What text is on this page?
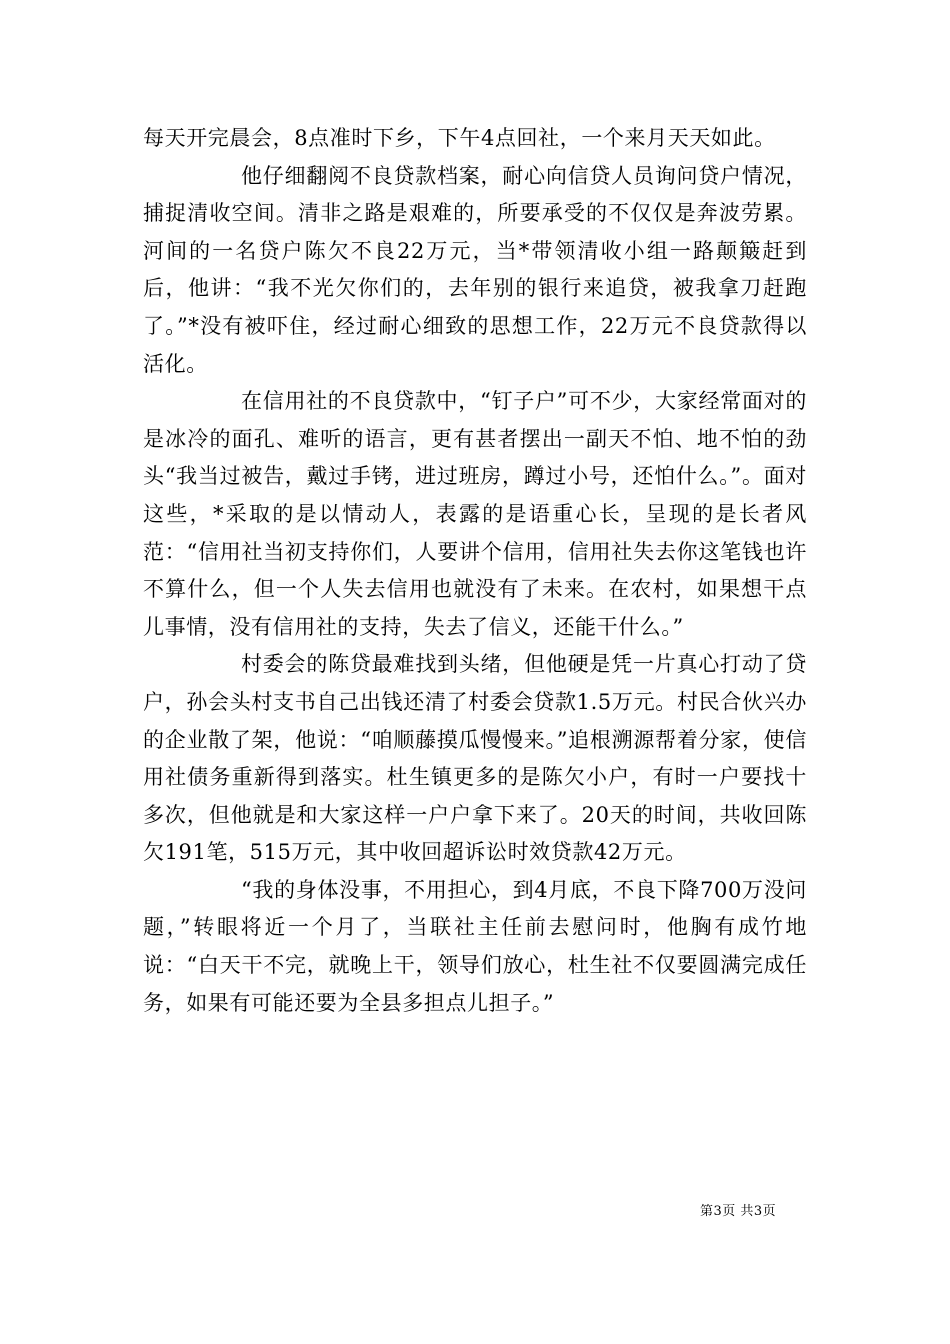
每天开完晨会，8点准时下乡，下午4点回社，一个来月天天如此。

他仔细翻阅不良贷款档案，耐心向信贷人员询问贷户情况，捕捉清收空间。清非之路是艰难的，所要承受的不仅仅是奔波劳累。河间的一名贷户陈欠不良22万元，当*带领清收小组一路颠簸赶到后，他讲：“我不光欠你们的，去年别的银行来追贷，被我拿刀赶跑了。”*没有被吓住，经过耐心细致的思想工作，22万元不良贷款得以活化。

在信用社的不良贷款中，“钉子户”可不少，大家经常面对的是冰冷的面孔、难听的语言，更有甚者摆出一副天不怕、地不怕的劲头“我当过被告，戴过手铐，进过班房，蹲过小号，还怕什么。”。面对这些，*采取的是以情动人，表露的是语重心长，呈现的是长者风范：“信用社当初支持你们，人要讲个信用，信用社失去你这笔钱也许不算什么，但一个人失去信用也就没有了未来。在农村，如果想干点儿事情，没有信用社的支持，失去了信义，还能干什么。”

村委会的陈贷最难找到头绪，但他硬是凭一片真心打动了贷户，孙会头村支书自己出钱还清了村委会贷款1.5万元。村民合伙兴办的企业散了架，他说：“咱顺藤摸瓜慢慢来。”追根溯源帮着分家，使信用社债务重新得到落实。杜生镇更多的是陈欠小户，有时一户要找十多次，但他就是和大家这样一户户拿下来了。20天的时间，共收回陈欠191笔，515万元，其中收回超诉讼时效贷款42万元。

“我的身体没事，不用担心，到4月底，不良下降700万没问题，”转眼将近一个月了，当联社主任前去慰问时，他胸有成竹地说：“白天干不完，就晚上干，领导们放心，杜生社不仅要圆满完成任务，如果有可能还要为全县多担点儿担子。”

第3页 共3页
